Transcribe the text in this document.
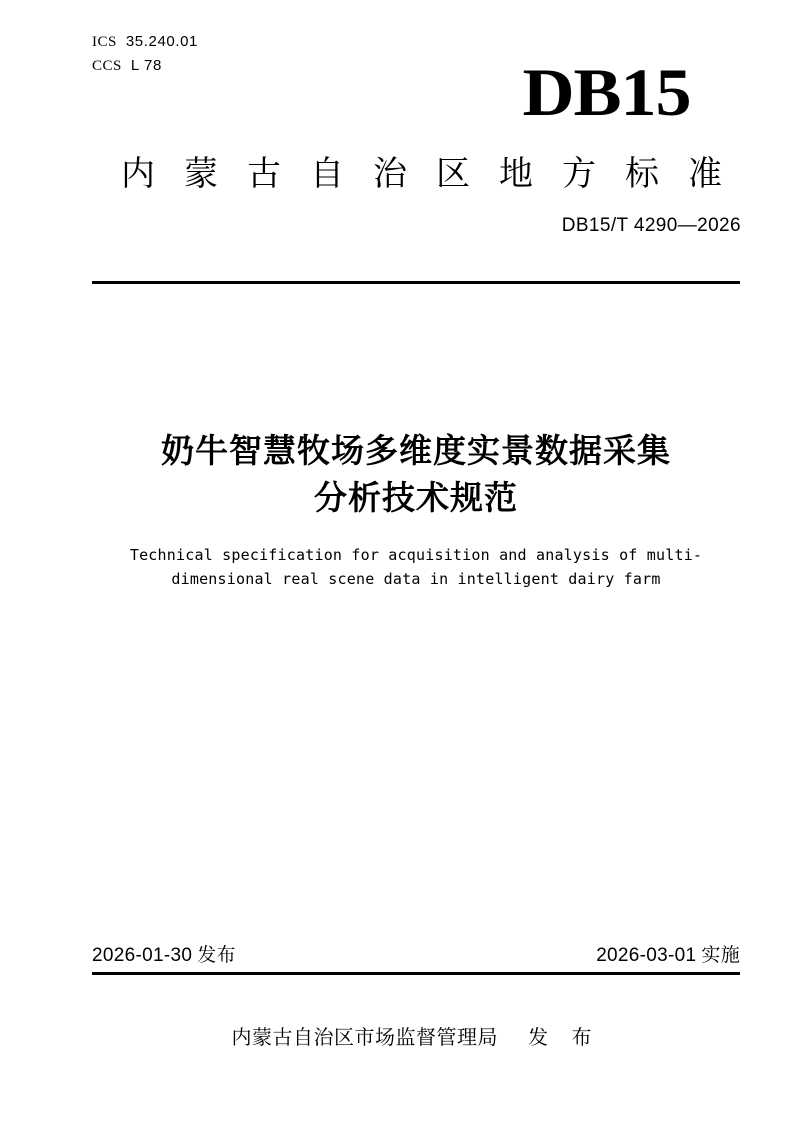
ICS 35.240.01
CCS L 78	DB15
内蒙古自治区地方标准
DB15/T 4290—2026
奶牛智慧牧场多维度实景数据采集
分析技术规范
Technical specification for acquisition and analysis of multi-
dimensional real scene data in intelligent dairy farm
2026-01-30 发布	2026-03-01 实施
内蒙古自治区市场监督管理局 发 布
